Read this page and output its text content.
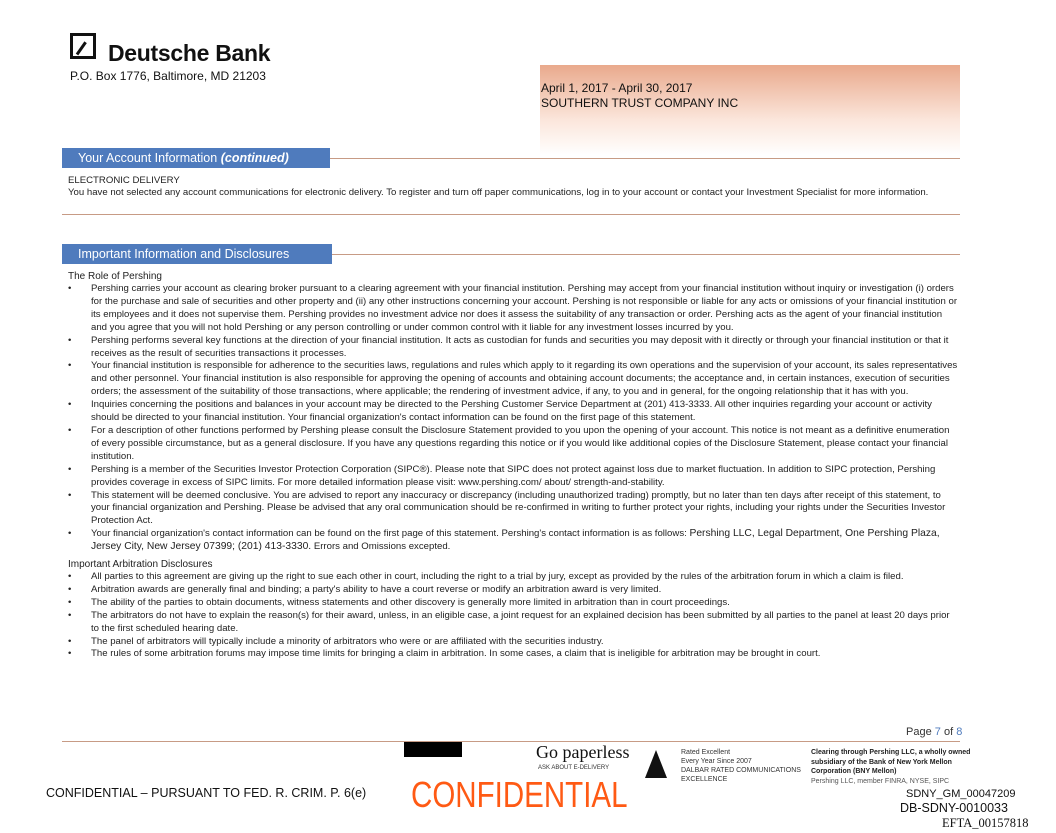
Deutsche Bank
P.O. Box 1776, Baltimore, MD 21203
April 1, 2017 - April 30, 2017
SOUTHERN TRUST COMPANY INC
Your Account Information (continued)
ELECTRONIC DELIVERY
You have not selected any account communications for electronic delivery. To register and turn off paper communications, log in to your account or contact your Investment Specialist for more information.
Important Information and Disclosures
The Role of Pershing
• Pershing carries your account as clearing broker pursuant to a clearing agreement with your financial institution. Pershing may accept from your financial institution without inquiry or investigation (i) orders for the purchase and sale of securities and other property and (ii) any other instructions concerning your account. Pershing is not responsible or liable for any acts or omissions of your financial institution or its employees and it does not supervise them. Pershing provides no investment advice nor does it assess the suitability of any transaction or order. Pershing acts as the agent of your financial institution and you agree that you will not hold Pershing or any person controlling or under common control with it liable for any investment losses incurred by you.
• Pershing performs several key functions at the direction of your financial institution. It acts as custodian for funds and securities you may deposit with it directly or through your financial institution or that it receives as the result of securities transactions it processes.
• Your financial institution is responsible for adherence to the securities laws, regulations and rules which apply to it regarding its own operations and the supervision of your account, its sales representatives and other personnel. Your financial institution is also responsible for approving the opening of accounts and obtaining account documents; the acceptance and, in certain instances, execution of securities orders; the assessment of the suitability of those transactions, where applicable; the rendering of investment advice, if any, to you and in general, for the ongoing relationship that it has with you.
• Inquiries concerning the positions and balances in your account may be directed to the Pershing Customer Service Department at (201) 413-3333. All other inquiries regarding your account or activity should be directed to your financial institution. Your financial organization's contact information can be found on the first page of this statement.
• For a description of other functions performed by Pershing please consult the Disclosure Statement provided to you upon the opening of your account. This notice is not meant as a definitive enumeration of every possible circumstance, but as a general disclosure. If you have any questions regarding this notice or if you would like additional copies of the Disclosure Statement, please contact your financial institution.
• Pershing is a member of the Securities Investor Protection Corporation (SIPC®). Please note that SIPC does not protect against loss due to market fluctuation. In addition to SIPC protection, Pershing provides coverage in excess of SIPC limits. For more detailed information please visit: www.pershing.com/ about/ strength-and-stability.
• This statement will be deemed conclusive. You are advised to report any inaccuracy or discrepancy (including unauthorized trading) promptly, but no later than ten days after receipt of this statement, to your financial organization and Pershing. Please be advised that any oral communication should be re-confirmed in writing to further protect your rights, including your rights under the Securities Investor Protection Act.
• Your financial organization's contact information can be found on the first page of this statement. Pershing's contact information is as follows: Pershing LLC, Legal Department, One Pershing Plaza, Jersey City, New Jersey 07399; (201) 413-3330. Errors and Omissions excepted.
Important Arbitration Disclosures
• All parties to this agreement are giving up the right to sue each other in court, including the right to a trial by jury, except as provided by the rules of the arbitration forum in which a claim is filed.
• Arbitration awards are generally final and binding; a party's ability to have a court reverse or modify an arbitration award is very limited.
• The ability of the parties to obtain documents, witness statements and other discovery is generally more limited in arbitration than in court proceedings.
• The arbitrators do not have to explain the reason(s) for their award, unless, in an eligible case, a joint request for an explained decision has been submitted by all parties to the panel at least 20 days prior to the first scheduled hearing date.
• The panel of arbitrators will typically include a minority of arbitrators who were or are affiliated with the securities industry.
• The rules of some arbitration forums may impose time limits for bringing a claim in arbitration. In some cases, a claim that is ineligible for arbitration may be brought in court.
Page 7 of 8
Go paperless
ASK ABOUT E-DELIVERY
Rated Excellent
Every Year Since 2007
DALBAR RATED COMMUNICATIONS
EXCELLENCE
Clearing through Pershing LLC, a wholly owned
subsidiary of the Bank of New York Mellon
Corporation (BNY Mellon)
Pershing LLC, member FINRA, NYSE, SIPC
CONFIDENTIAL
CONFIDENTIAL – PURSUANT TO FED. R. CRIM. P. 6(e)	SDNY_GM_00047209
DB-SDNY-0010033
EFTA_00157818
